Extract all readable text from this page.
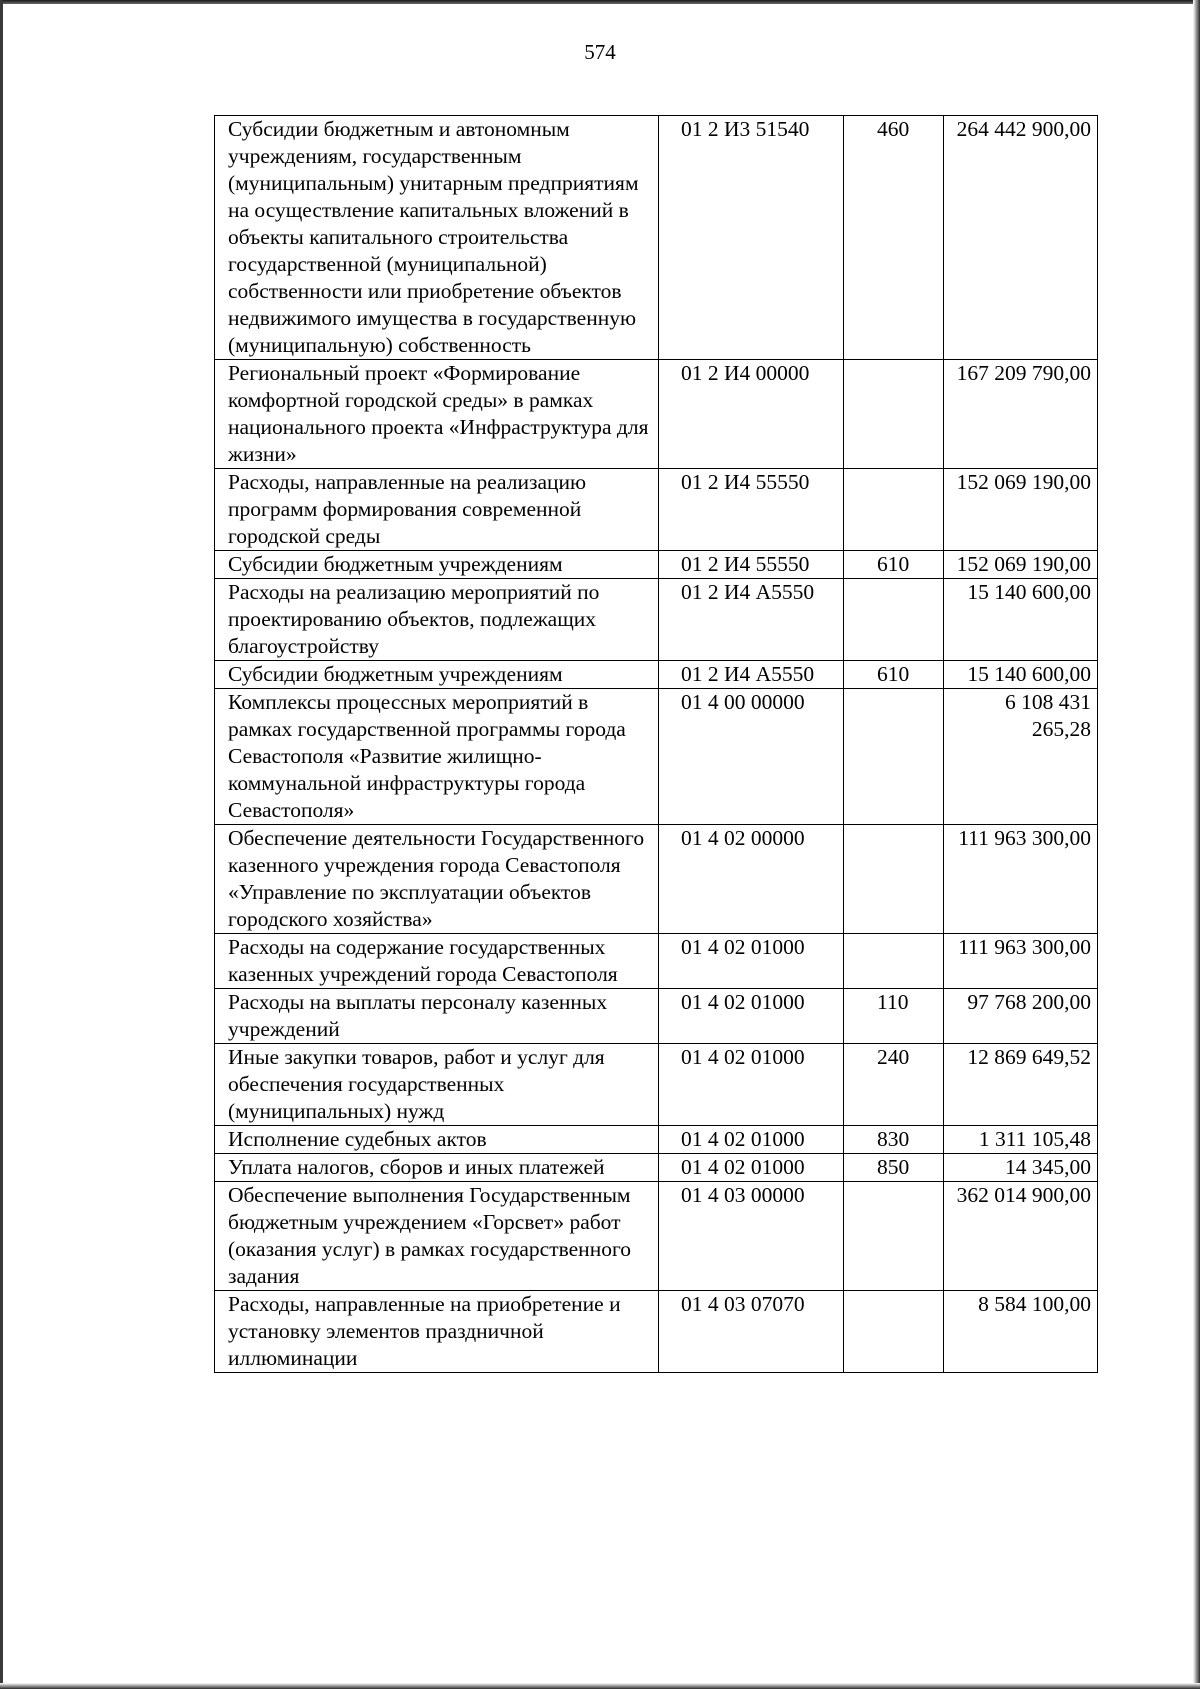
574
Субсидии бюджетным и автономным учреждениям, государственным (муниципальным) унитарным предприятиям на осуществление капитальных вложений в объекты капитального строительства государственной (муниципальной) собственности или приобретение объектов недвижимого имущества в государственную (муниципальную) собственность	01 2 И3 51540	460	264 442 900,00
Региональный проект «Формирование комфортной городской среды» в рамках национального проекта «Инфраструктура для жизни»	01 2 И4 00000		167 209 790,00
Расходы, направленные на реализацию программ формирования современной городской среды	01 2 И4 55550		152 069 190,00
Субсидии бюджетным учреждениям	01 2 И4 55550	610	152 069 190,00
Расходы на реализацию мероприятий по проектированию объектов, подлежащих благоустройству	01 2 И4 А5550		15 140 600,00
Субсидии бюджетным учреждениям	01 2 И4 А5550	610	15 140 600,00
Комплексы процессных мероприятий в рамках государственной программы города Севастополя «Развитие жилищно-коммунальной инфраструктуры города Севастополя»	01 4 00 00000		6 108 431 265,28
Обеспечение деятельности Государственного казенного учреждения города Севастополя «Управление по эксплуатации объектов городского хозяйства»	01 4 02 00000		111 963 300,00
Расходы на содержание государственных казенных учреждений города Севастополя	01 4 02 01000		111 963 300,00
Расходы на выплаты персоналу казенных учреждений	01 4 02 01000	110	97 768 200,00
Иные закупки товаров, работ и услуг для обеспечения государственных (муниципальных) нужд	01 4 02 01000	240	12 869 649,52
Исполнение судебных актов	01 4 02 01000	830	1 311 105,48
Уплата налогов, сборов и иных платежей	01 4 02 01000	850	14 345,00
Обеспечение выполнения Государственным бюджетным учреждением «Горсвет» работ (оказания услуг) в рамках государственного задания	01 4 03 00000		362 014 900,00
Расходы, направленные на приобретение и установку элементов праздничной иллюминации	01 4 03 07070		8 584 100,00
